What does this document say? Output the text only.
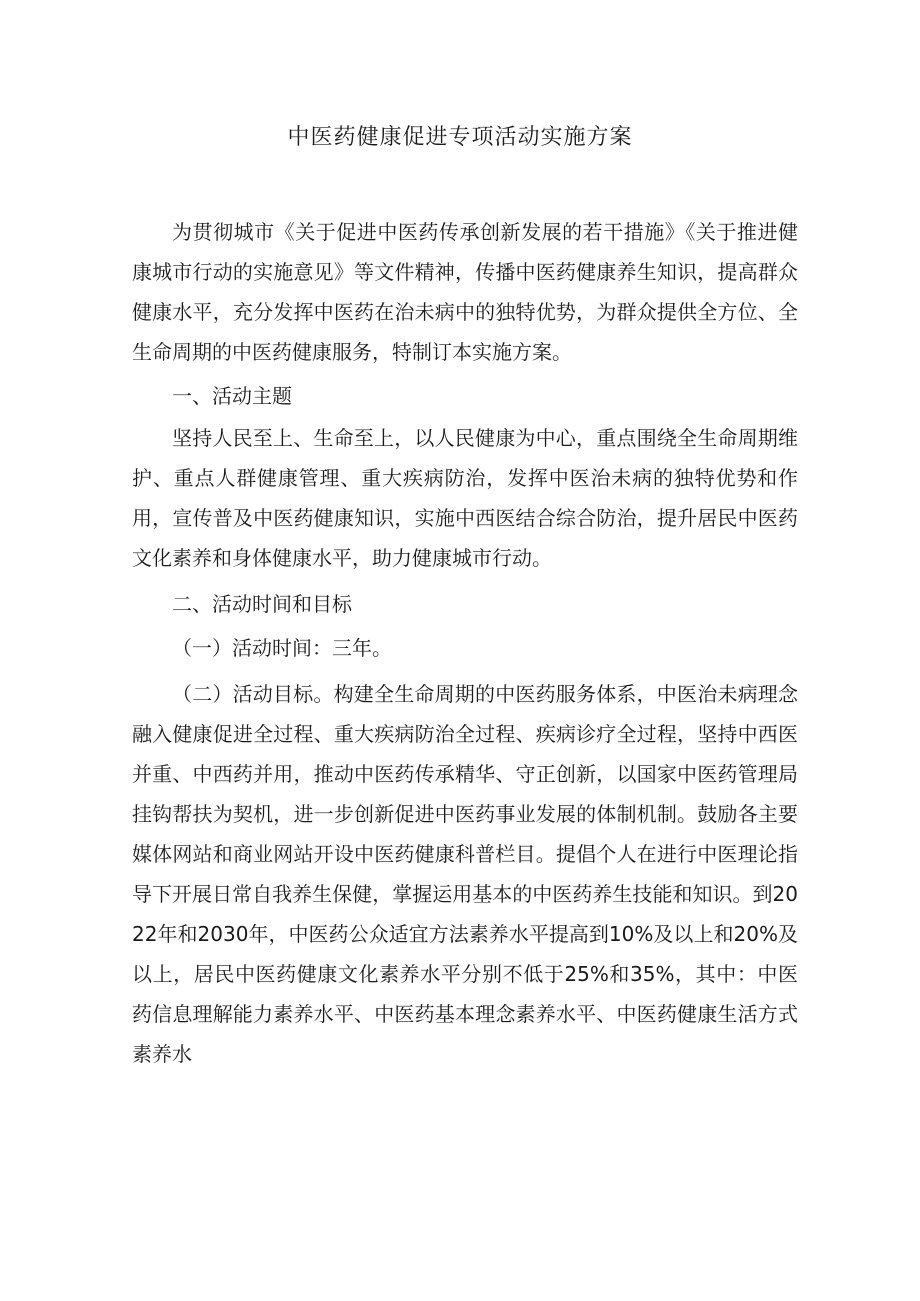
中医药健康促进专项活动实施方案

为贯彻城市《关于促进中医药传承创新发展的若干措施》《关于推进健康城市行动的实施意见》等文件精神，传播中医药健康养生知识，提高群众健康水平，充分发挥中医药在治未病中的独特优势，为群众提供全方位、全生命周期的中医药健康服务，特制订本实施方案。

一、活动主题

坚持人民至上、生命至上，以人民健康为中心，重点围绕全生命周期维护、重点人群健康管理、重大疾病防治，发挥中医治未病的独特优势和作用，宣传普及中医药健康知识，实施中西医结合综合防治，提升居民中医药文化素养和身体健康水平，助力健康城市行动。

二、活动时间和目标

（一）活动时间：三年。

（二）活动目标。构建全生命周期的中医药服务体系，中医治未病理念融入健康促进全过程、重大疾病防治全过程、疾病诊疗全过程，坚持中西医并重、中西药并用，推动中医药传承精华、守正创新，以国家中医药管理局挂钩帮扶为契机，进一步创新促进中医药事业发展的体制机制。鼓励各主要媒体网站和商业网站开设中医药健康科普栏目。提倡个人在进行中医理论指导下开展日常自我养生保健，掌握运用基本的中医药养生技能和知识。到2022年和2030年，中医药公众适宜方法素养水平提高到10%及以上和20%及以上，居民中医药健康文化素养水平分别不低于25%和35%，其中：中医药信息理解能力素养水平、中医药基本理念素养水平、中医药健康生活方式素养水
